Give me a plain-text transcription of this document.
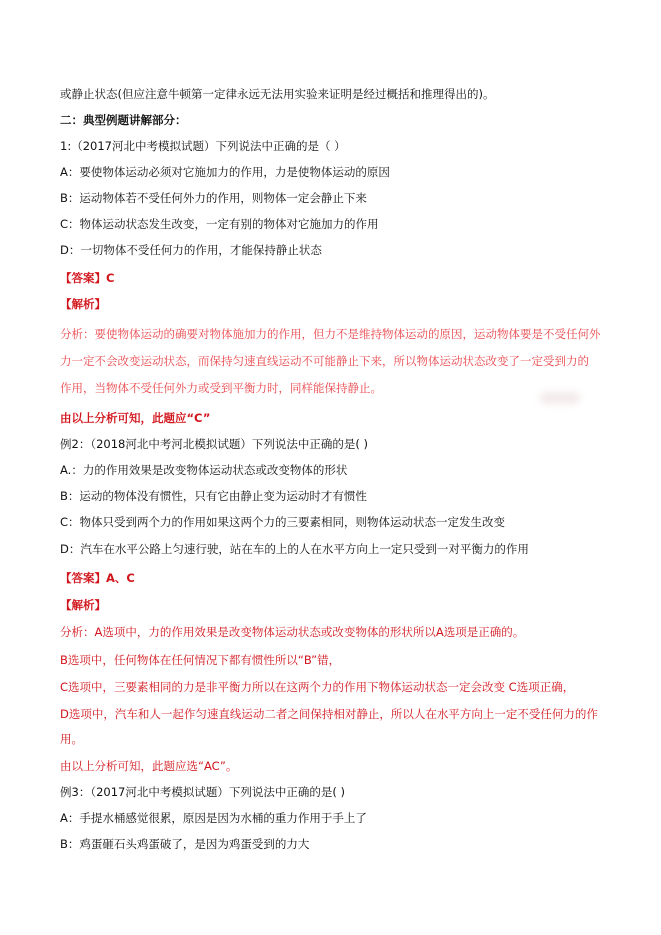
或静止状态(但应注意牛顿第一定律永远无法用实验来证明是经过概括和推理得出的)。
二：典型例题讲解部分：
1:（2017河北中考模拟试题）下列说法中正确的是（ ）
A：要使物体运动必须对它施加力的作用，力是使物体运动的原因
B：运动物体若不受任何外力的作用，则物体一定会静止下来
C：物体运动状态发生改变，一定有别的物体对它施加力的作用
D：一切物体不受任何力的作用，才能保持静止状态
【答案】C
【解析】
分析：要使物体运动的确要对物体施加力的作用，但力不是维持物体运动的原因，运动物体要是不受任何外
力一定不会改变运动状态，而保持匀速直线运动不可能静止下来，所以物体运动状态改变了一定受到力的
作用，当物体不受任何外力或受到平衡力时，同样能保持静止。
由以上分析可知，此题应“C”
例2：（2018河北中考河北模拟试题）下列说法中正确的是( )
A.：力的作用效果是改变物体运动状态或改变物体的形状
B：运动的物体没有惯性，只有它由静止变为运动时才有惯性
C：物体只受到两个力的作用如果这两个力的三要素相同，则物体运动状态一定发生改变
D：汽车在水平公路上匀速行驶，站在车的上的人在水平方向上一定只受到一对平衡力的作用
【答案】A、C
【解析】
分析：A选项中，力的作用效果是改变物体运动状态或改变物体的形状所以A选项是正确的。
B选项中，任何物体在任何情况下都有惯性所以“B”错，
C选项中，三要素相同的力是非平衡力所以在这两个力的作用下物体运动状态一定会改变 C选项正确，
D选项中，汽车和人一起作匀速直线运动二者之间保持相对静止，所以人在水平方向上一定不受任何力的作
用。
由以上分析可知，此题应选“AC”。
例3：（2017河北中考模拟试题）下列说法中正确的是( )
A：手提水桶感觉很累，原因是因为水桶的重力作用于手上了
B：鸡蛋砸石头鸡蛋破了，是因为鸡蛋受到的力大
